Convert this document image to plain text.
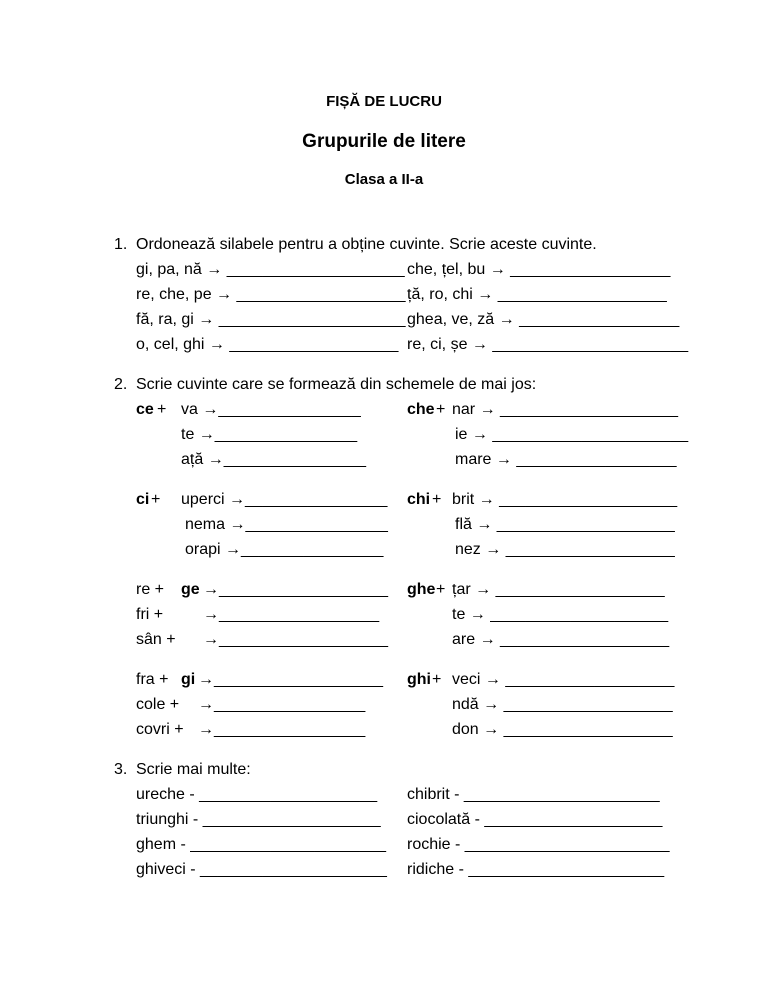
FIȘĂ DE LUCRU
Grupurile de litere
Clasa a II-a
1. Ordonează silabele pentru a obține cuvinte. Scrie aceste cuvinte.
gi, pa, nă → ____________________
re, che, pe → ___________________
fă, ra, gi → _____________________
o, cel, ghi → ___________________
che, țel, bu → __________________
ță, ro, chi → ___________________
ghea, ve, ză → __________________
re, ci, șe → ______________________
2. Scrie cuvinte care se formează din schemele de mai jos:
ce + va →________________
te →________________
ață →________________
che + nar → ____________________
ie → ______________________
mare → __________________
ci + uperci →________________
nema →________________
orapi →________________
chi + brit → ____________________
flă → ____________________
nez → ___________________
re +
fri +
sân +
ge →___________________
→__________________
→___________________
ghe + țar → ___________________
te → ____________________
are → ___________________
fra +
cole +
covri +
gi →___________________
→_________________
→_________________
ghi + veci → ___________________
ndă → ___________________
don → ___________________
3. Scrie mai multe:
ureche - ____________________
triunghi - ____________________
ghem - ______________________
ghiveci - _____________________
chibrit - ______________________
ciocolată - ____________________
rochie - _______________________
ridiche - ______________________
